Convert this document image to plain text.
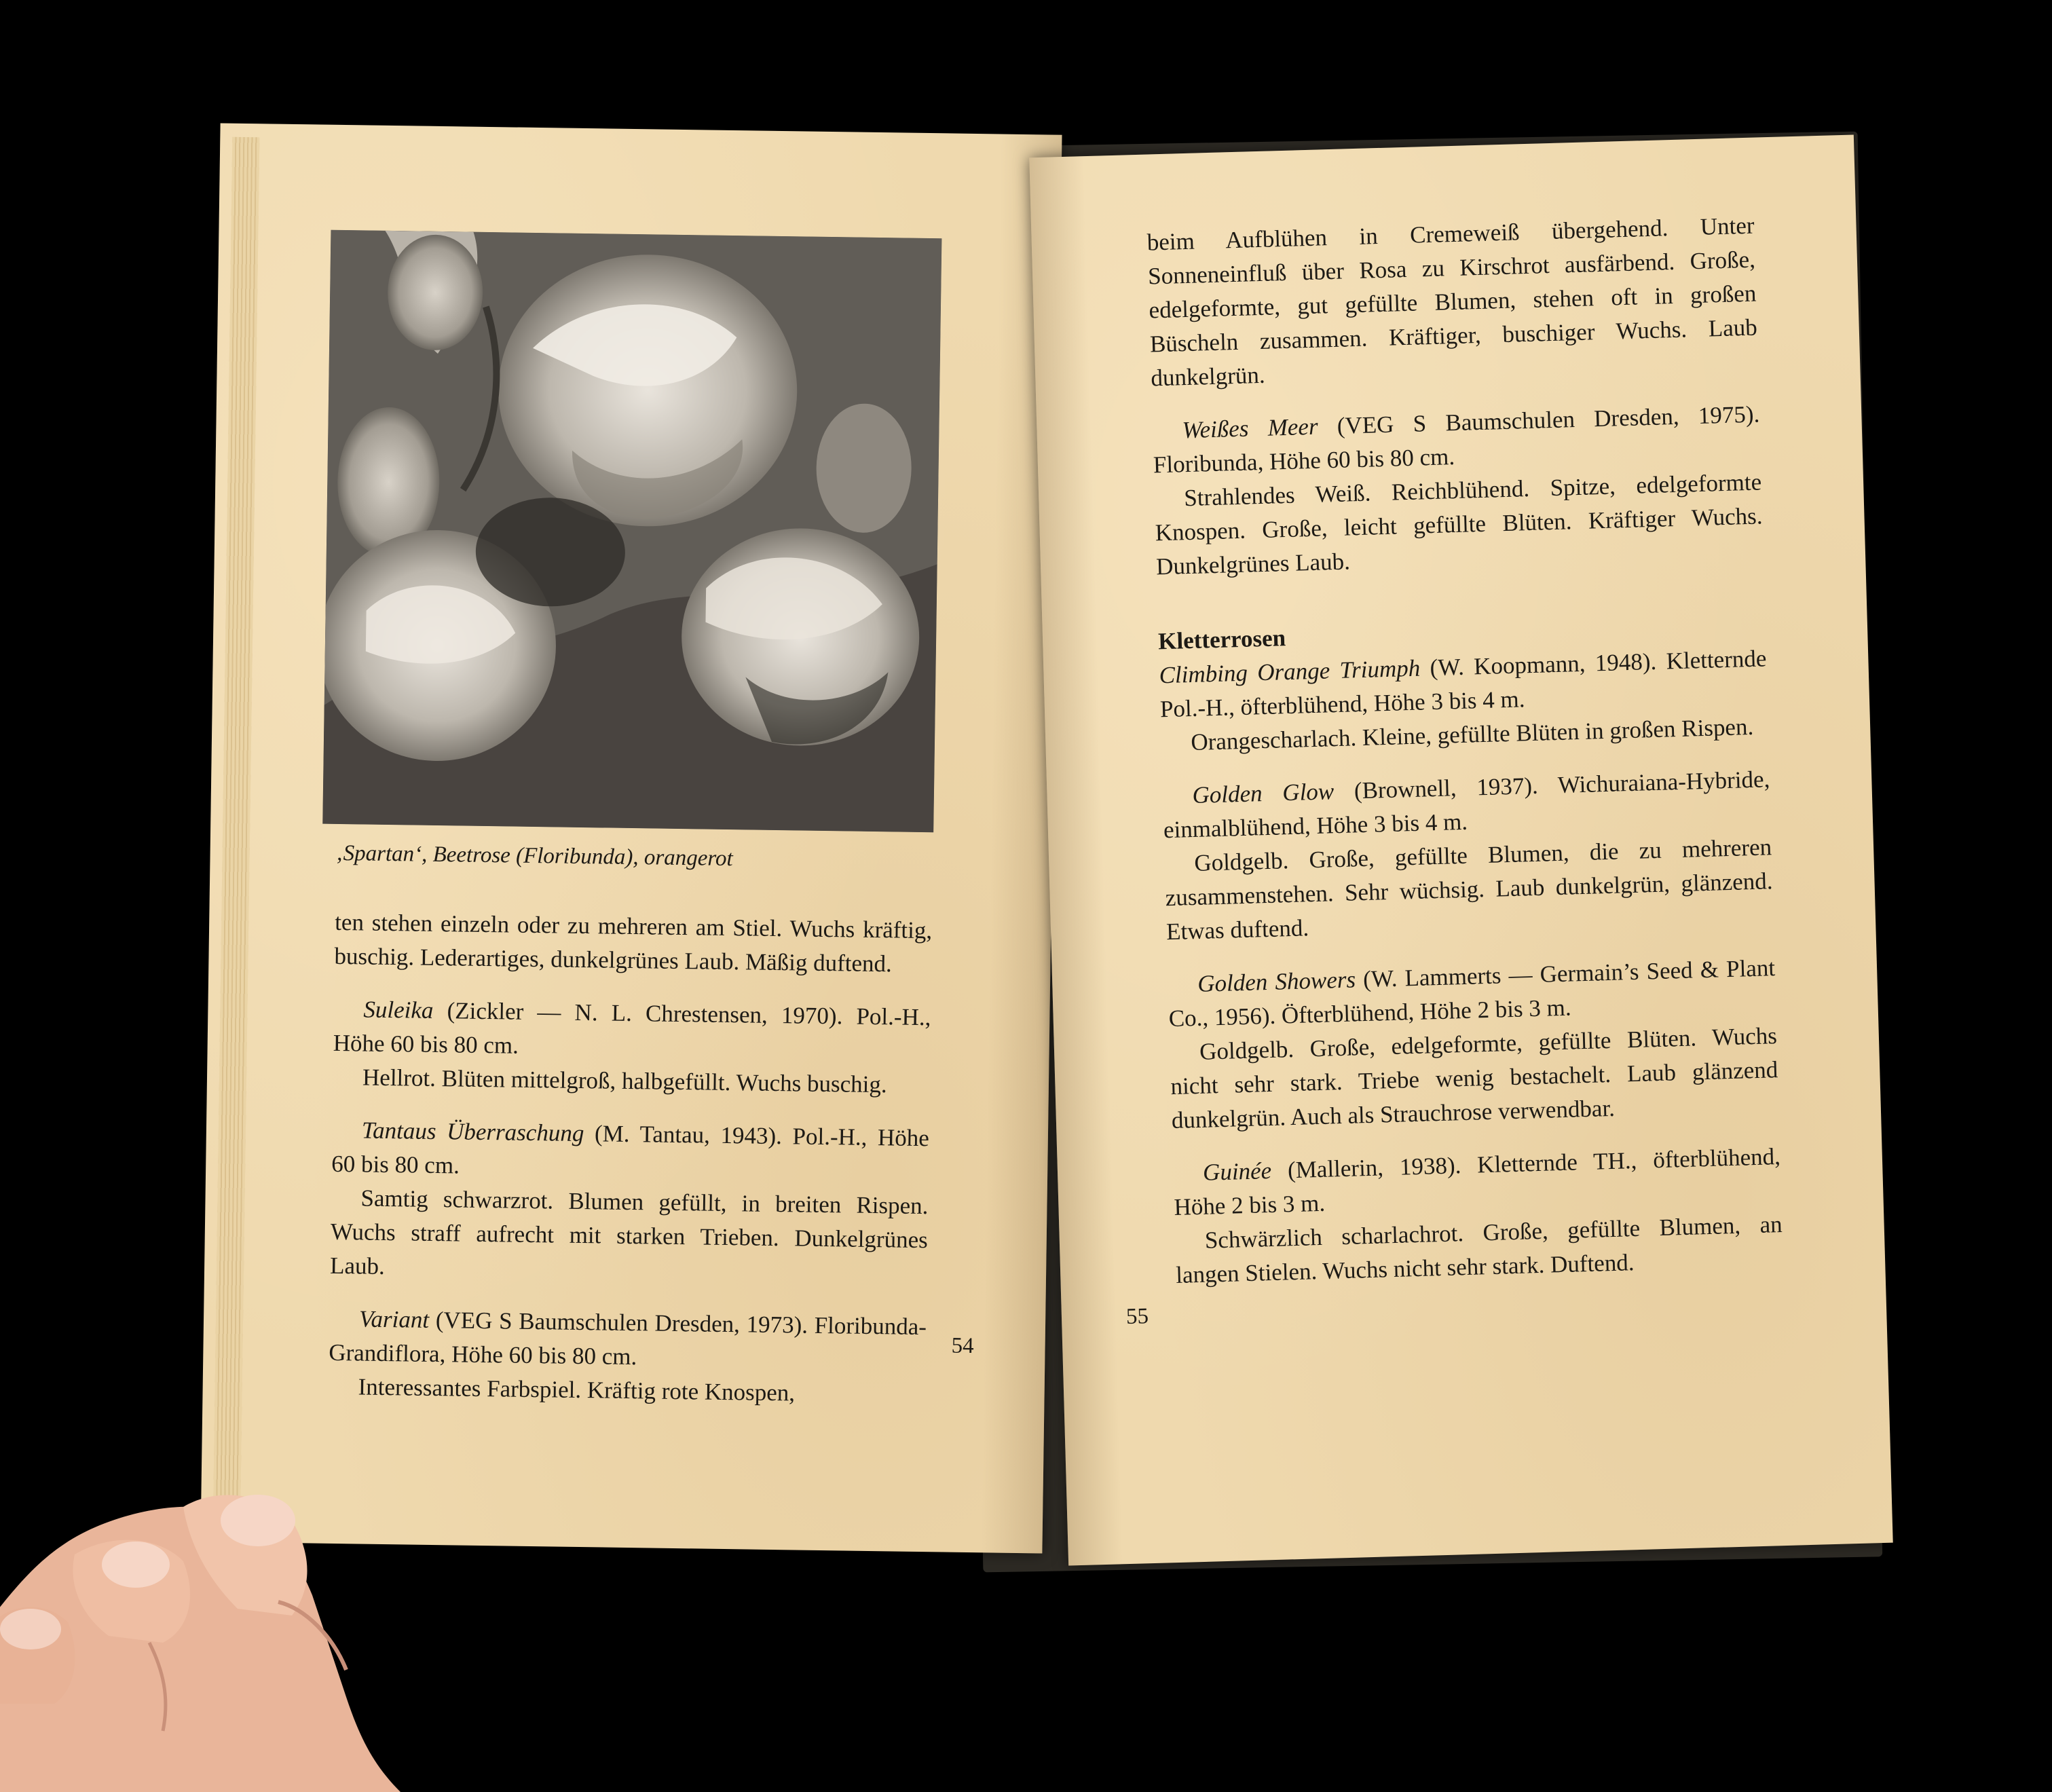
‚Spartan‘, Beetrose (Floribunda), orangerot

ten stehen einzeln oder zu mehreren am Stiel. Wuchs kräftig, buschig. Lederartiges, dunkelgrünes Laub. Mäßig duftend.

Suleika (Zickler — N. L. Chrestensen, 1970). Pol.-H., Höhe 60 bis 80 cm.

Hellrot. Blüten mittelgroß, halbgefüllt. Wuchs buschig.

Tantaus Überraschung (M. Tantau, 1943). Pol.-H., Höhe 60 bis 80 cm.

Samtig schwarzrot. Blumen gefüllt, in breiten Rispen. Wuchs straff aufrecht mit starken Trieben. Dunkelgrünes Laub.

Variant (VEG S Baumschulen Dresden, 1973). Floribunda-Grandiflora, Höhe 60 bis 80 cm.

Interessantes Farbspiel. Kräftig rote Knospen,

54

beim Aufblühen in Cremeweiß übergehend. Unter Sonneneinfluß über Rosa zu Kirschrot ausfärbend. Große, edelgeformte, gut gefüllte Blumen, stehen oft in großen Büscheln zusammen. Kräftiger, buschiger Wuchs. Laub dunkelgrün.

Weißes Meer (VEG S Baumschulen Dresden, 1975). Floribunda, Höhe 60 bis 80 cm.

Strahlendes Weiß. Reichblühend. Spitze, edelgeformte Knospen. Große, leicht gefüllte Blüten. Kräftiger Wuchs. Dunkelgrünes Laub.

Kletterrosen

Climbing Orange Triumph (W. Koopmann, 1948). Kletternde Pol.-H., öfterblühend, Höhe 3 bis 4 m.

Orangescharlach. Kleine, gefüllte Blüten in großen Rispen.

Golden Glow (Brownell, 1937). Wichuraiana-Hybride, einmalblühend, Höhe 3 bis 4 m.

Goldgelb. Große, gefüllte Blumen, die zu mehreren zusammenstehen. Sehr wüchsig. Laub dunkelgrün, glänzend. Etwas duftend.

Golden Showers (W. Lammerts — Germain’s Seed & Plant Co., 1956). Öfterblühend, Höhe 2 bis 3 m.

Goldgelb. Große, edelgeformte, gefüllte Blüten. Wuchs nicht sehr stark. Triebe wenig bestachelt. Laub glänzend dunkelgrün. Auch als Strauchrose verwendbar.

Guinée (Mallerin, 1938). Kletternde TH., öfterblühend, Höhe 2 bis 3 m.

Schwärzlich scharlachrot. Große, gefüllte Blumen, an langen Stielen. Wuchs nicht sehr stark. Duftend.

55
